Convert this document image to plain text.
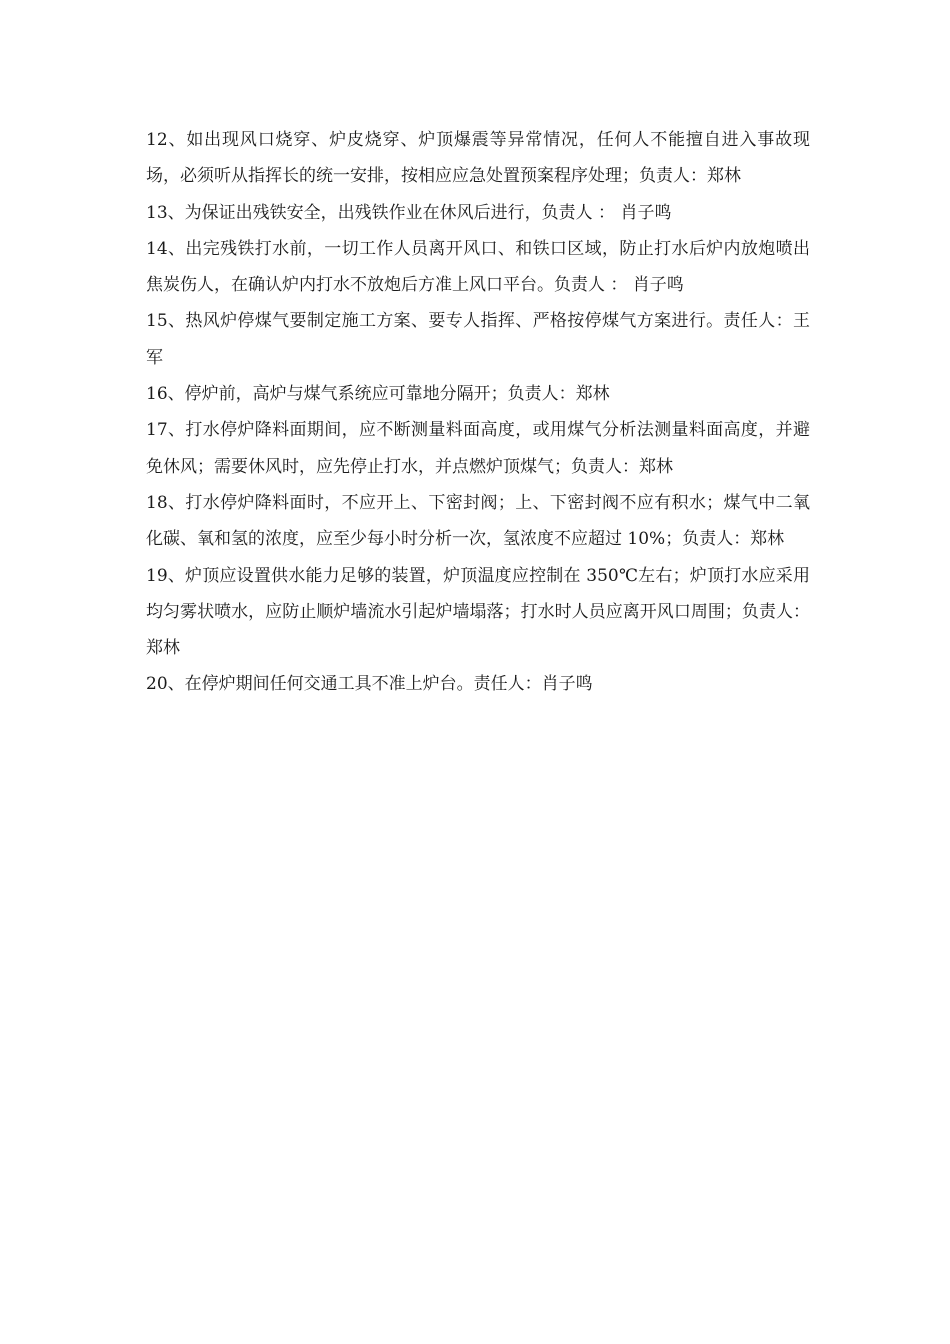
12、如出现风口烧穿、炉皮烧穿、炉顶爆震等异常情况，任何人不能擅自进入事故现场，必须听从指挥长的统一安排，按相应应急处置预案程序处理；负责人：郑林

13、为保证出残铁安全，出残铁作业在休风后进行，负责人 ： 肖子鸣

14、出完残铁打水前，一切工作人员离开风口、和铁口区域，防止打水后炉内放炮喷出焦炭伤人，在确认炉内打水不放炮后方准上风口平台。负责人 ： 肖子鸣

15、热风炉停煤气要制定施工方案、要专人指挥、严格按停煤气方案进行。责任人：王军

16、停炉前，高炉与煤气系统应可靠地分隔开；负责人：郑林

17、打水停炉降料面期间，应不断测量料面高度，或用煤气分析法测量料面高度，并避免休风；需要休风时，应先停止打水，并点燃炉顶煤气；负责人：郑林

18、打水停炉降料面时，不应开上、下密封阀；上、下密封阀不应有积水；煤气中二氧化碳、氧和氢的浓度，应至少每小时分析一次，氢浓度不应超过 10%；负责人：郑林

19、炉顶应设置供水能力足够的装置，炉顶温度应控制在 350℃左右；炉顶打水应采用均匀雾状喷水，应防止顺炉墙流水引起炉墙塌落；打水时人员应离开风口周围；负责人：郑林

20、在停炉期间任何交通工具不准上炉台。责任人：肖子鸣
